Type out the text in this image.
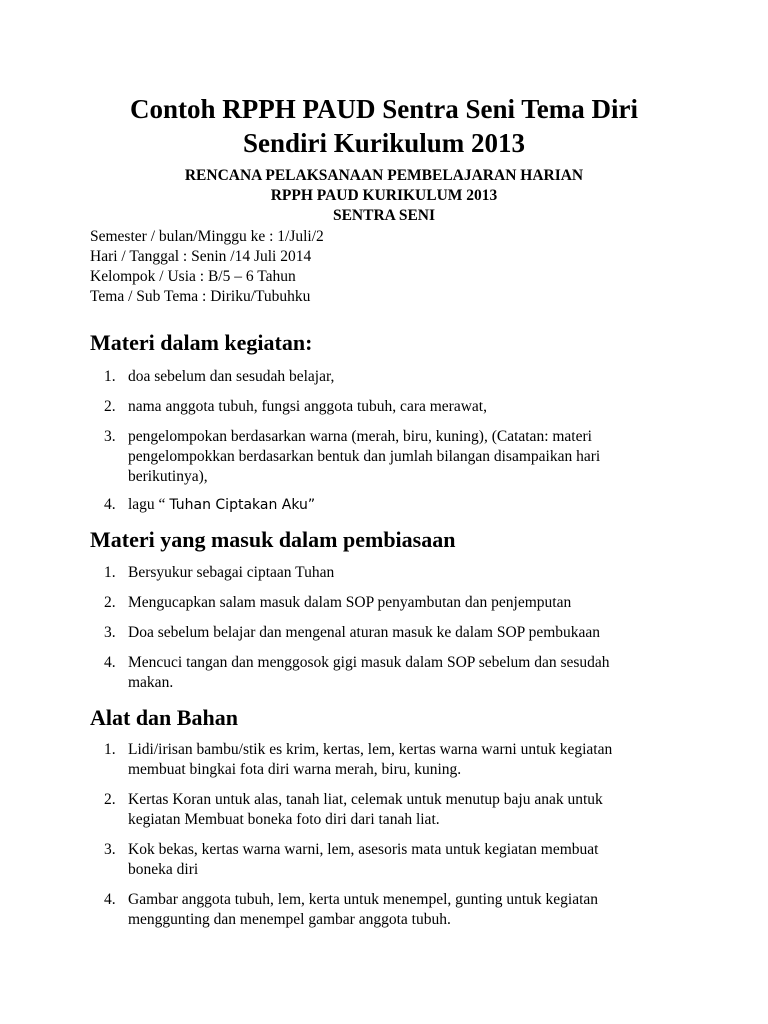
Contoh RPPH PAUD Sentra Seni Tema Diri
Sendiri Kurikulum 2013
RENCANA PELAKSANAAN PEMBELAJARAN HARIAN
RPPH PAUD KURIKULUM 2013
SENTRA SENI
Semester / bulan/Minggu ke : 1/Juli/2
Hari / Tanggal : Senin /14 Juli 2014
Kelompok / Usia : B/5 – 6 Tahun
Tema / Sub Tema : Diriku/Tubuhku
Materi dalam kegiatan:
1. doa sebelum dan sesudah belajar,
2. nama anggota tubuh, fungsi anggota tubuh, cara merawat,
3. pengelompokan berdasarkan warna (merah, biru, kuning), (Catatan: materi
pengelompokkan berdasarkan bentuk dan jumlah bilangan disampaikan hari
berikutinya),
4. lagu “ Tuhan Ciptakan Aku”
Materi yang masuk dalam pembiasaan
1. Bersyukur sebagai ciptaan Tuhan
2. Mengucapkan salam masuk dalam SOP penyambutan dan penjemputan
3. Doa sebelum belajar dan mengenal aturan masuk ke dalam SOP pembukaan
4. Mencuci tangan dan menggosok gigi masuk dalam SOP sebelum dan sesudah
makan.
Alat dan Bahan
1. Lidi/irisan bambu/stik es krim, kertas, lem, kertas warna warni untuk kegiatan
membuat bingkai fota diri warna merah, biru, kuning.
2. Kertas Koran untuk alas, tanah liat, celemak untuk menutup baju anak untuk
kegiatan Membuat boneka foto diri dari tanah liat.
3. Kok bekas, kertas warna warni, lem, asesoris mata untuk kegiatan membuat
boneka diri
4. Gambar anggota tubuh, lem, kerta untuk menempel, gunting untuk kegiatan
menggunting dan menempel gambar anggota tubuh.
